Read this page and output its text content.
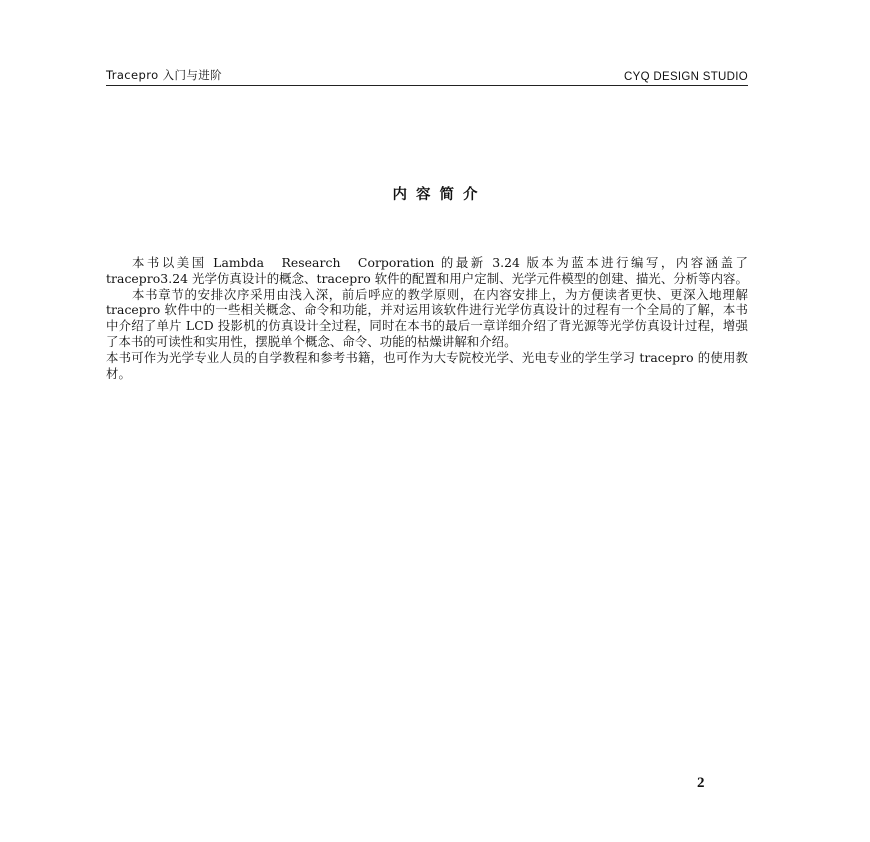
Tracepro 入门与进阶	CYQ DESIGN STUDIO
内容简介

本书以美国 Lambda　Research　Corporation 的最新 3.24 版本为蓝本进行编写，内容涵盖了 tracepro3.24 光学仿真设计的概念、tracepro 软件的配置和用户定制、光学元件模型的创建、描光、分析等内容。

本书章节的安排次序采用由浅入深，前后呼应的教学原则，在内容安排上，为方便读者更快、更深入地理解 tracepro 软件中的一些相关概念、命令和功能，并对运用该软件进行光学仿真设计的过程有一个全局的了解，本书中介绍了单片 LCD 投影机的仿真设计全过程，同时在本书的最后一章详细介绍了背光源等光学仿真设计过程，增强了本书的可读性和实用性，摆脱单个概念、命令、功能的枯燥讲解和介绍。

本书可作为光学专业人员的自学教程和参考书籍，也可作为大专院校光学、光电专业的学生学习 tracepro 的使用教材。

2
